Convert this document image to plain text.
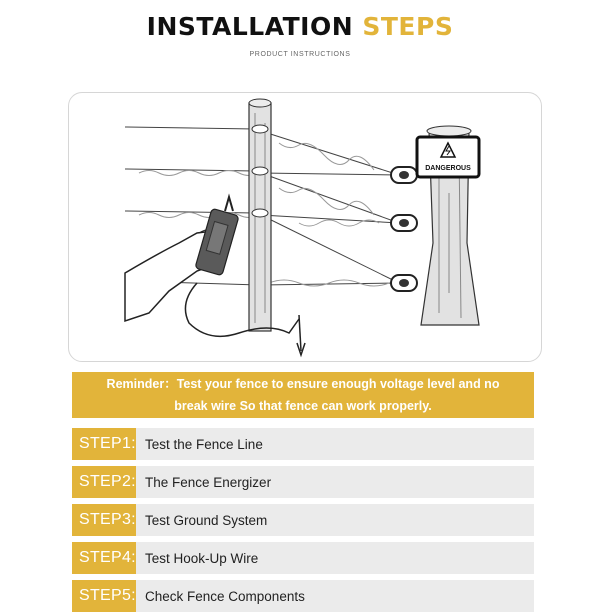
INSTALLATION STEPS
PRODUCT INSTRUCTIONS
DANGEROUS
Reminder：Test your fence to ensure enough voltage level and no
break wire So that fence can work properly.
STEP1: Test the Fence Line
STEP2: The Fence Energizer
STEP3: Test Ground System
STEP4: Test Hook-Up Wire
STEP5: Check Fence Components
